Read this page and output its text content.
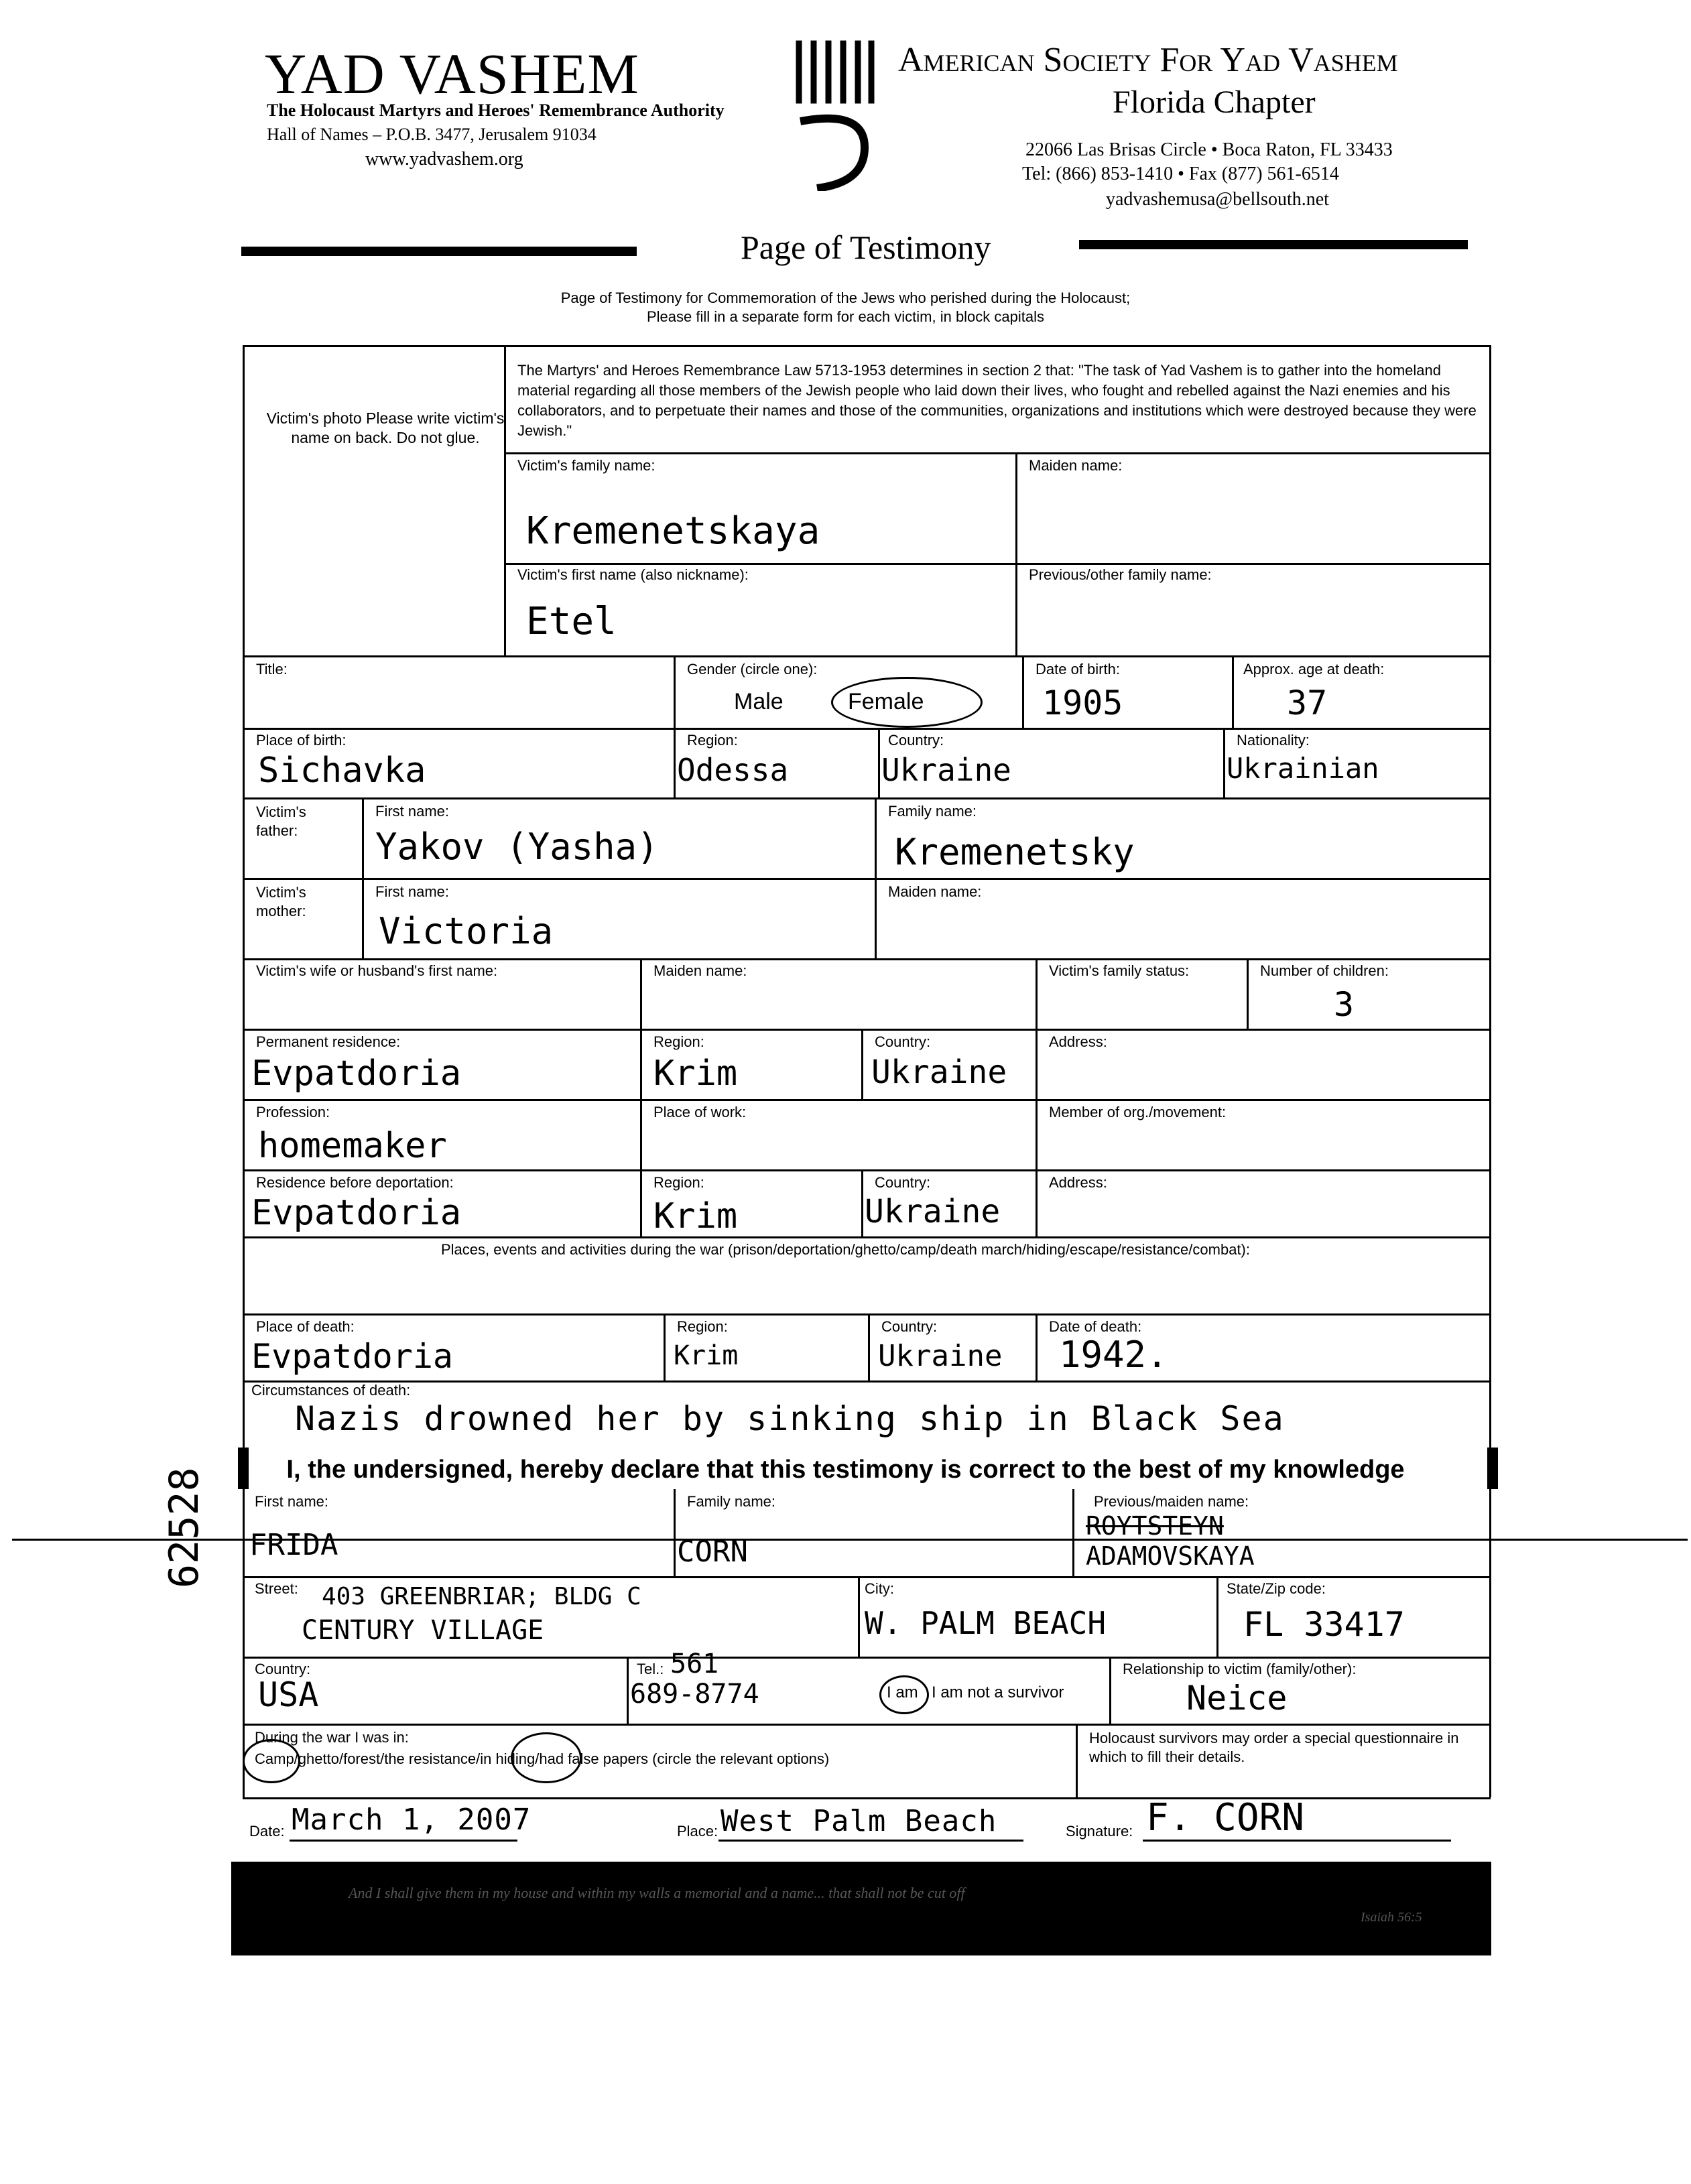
YAD VASHEM
The Holocaust Martyrs and Heroes' Remembrance Authority
Hall of Names – P.O.B. 3477, Jerusalem 91034
www.yadvashem.org
American Society For Yad Vashem
Florida Chapter
22066 Las Brisas Circle • Boca Raton, FL 33433
Tel: (866) 853-1410 • Fax (877) 561-6514
yadvashemusa@bellsouth.net
Page of Testimony
Page of Testimony for Commemoration of the Jews who perished during the Holocaust;
Please fill in a separate form for each victim, in block capitals
Victim's photo Please write victim's name on back. Do not glue.
The Martyrs' and Heroes Remembrance Law 5713-1953 determines in section 2 that: "The task of Yad Vashem is to gather into the homeland material regarding all those members of the Jewish people who laid down their lives, who fought and rebelled against the Nazi enemies and his collaborators, and to perpetuate their names and those of the communities, organizations and institutions which were destroyed because they were Jewish."
Victim's family name:
Kremenetskaya
Maiden name:
Victim's first name (also nickname):
Etel
Previous/other family name:
Title:	Gender (circle one):
Male	Female
Date of birth:
1905
Approx. age at death:
37
Place of birth:
Sichavka
Region:
Odessa
Country:
Ukraine
Nationality:
Ukrainian
Victim's father:
First name:
Yakov (Yasha)
Family name:
Kremenetsky
Victim's mother:
First name:
Victoria
Maiden name:
Victim's wife or husband's first name:	Maiden name:	Victim's family status:	Number of children:
3
Permanent residence:
Evpatdoria
Region:
Krim
Country:
Ukraine
Address:
Profession:
homemaker
Place of work:	Member of org./movement:
Residence before deportation:
Evpatdoria
Region:
Krim
Country:
Ukraine
Address:
Places, events and activities during the war (prison/deportation/ghetto/camp/death march/hiding/escape/resistance/combat):
Place of death:
Evpatdoria
Region:
Krim
Country:
Ukraine
Date of death:
1942.
Circumstances of death:
Nazis drowned her by sinking ship in Black Sea
I, the undersigned, hereby declare that this testimony is correct to the best of my knowledge
62528	First name:
FRIDA
Family name:
CORN
Previous/maiden name:
ROYTSTEYN
ADAMOVSKAYA
Street: 403 GREENBRIAR; BLDG C
CENTURY VILLAGE
City:
W. PALM BEACH
State/Zip code:
FL 33417
Country:
USA
Tel.: 561
689-8774	I am I am not a survivor
Relationship to victim (family/other):
Neice
During the war I was in:
Camp/ghetto/forest/the resistance/in hiding/had false papers (circle the relevant options)
Holocaust survivors may order a special questionnaire in which to fill their details.
Date: March 1, 2007	Place: West Palm Beach	Signature: F. CORN
And I shall give them in my house and within my walls a memorial and a name... that shall not be cut off
Isaiah 56:5
